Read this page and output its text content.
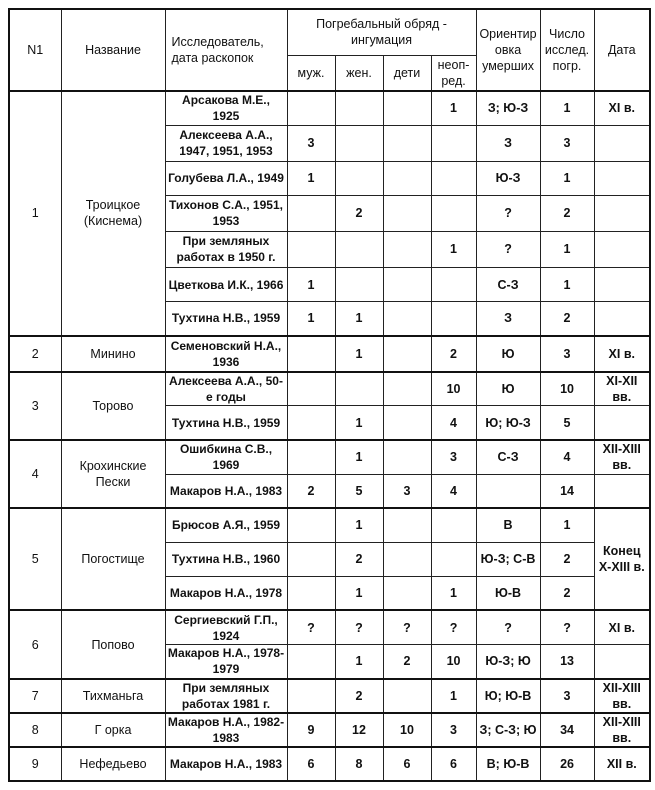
N1	Название	Исследователь, дата раскопок	Погребальный обряд - ингумация				Ориентир овка умерших	Число исслед. погр.	Дата
			муж.	жен.	дети	неоп-ред.			
1	Троицкое (Киснема)	Арсакова М.Е., 1925				1	З; Ю-З	1	XI в.
		Алексеева А.А., 1947, 1951, 1953	3				З	3	
		Голубева Л.А., 1949	1				Ю-З	1	
		Тихонов С.А., 1951, 1953		2			?	2	
		При земляных работах в 1950 г.				1	?	1	
		Цветкова И.К., 1966	1				С-З	1	
		Тухтина Н.В., 1959	1	1			З	2	
2	Минино	Семеновский Н.А., 1936		1		2	Ю	3	XI в.
3	Торово	Алексеева А.А., 50-е годы				10	Ю	10	XI-XII вв.
		Тухтина Н.В., 1959		1		4	Ю; Ю-З	5	
4	Крохинские Пески	Ошибкина С.В., 1969		1		3	С-З	4	XII-XIII вв.
		Макаров Н.А., 1983	2	5	3	4		14	
5	Погостище	Брюсов А.Я., 1959		1			В	1	Конец X-XIII в.
		Тухтина Н.В., 1960		2			Ю-З; С-В	2	
		Макаров Н.А., 1978		1		1	Ю-В	2	
6	Попово	Сергиевский Г.П., 1924	?	?	?	?	?	?	XI в.
		Макаров Н.А., 1978-1979		1	2	10	Ю-З; Ю	13	
7	Тихманьга	При земляных работах 1981 г.		2		1	Ю; Ю-В	3	XII-XIII вв.
8	Г орка	Макаров Н.А., 1982-1983	9	12	10	3	З; С-З; Ю	34	XII-XIII вв.
9	Нефедьево	Макаров Н.А., 1983	6	8	6	6	В; Ю-В	26	XII в.
